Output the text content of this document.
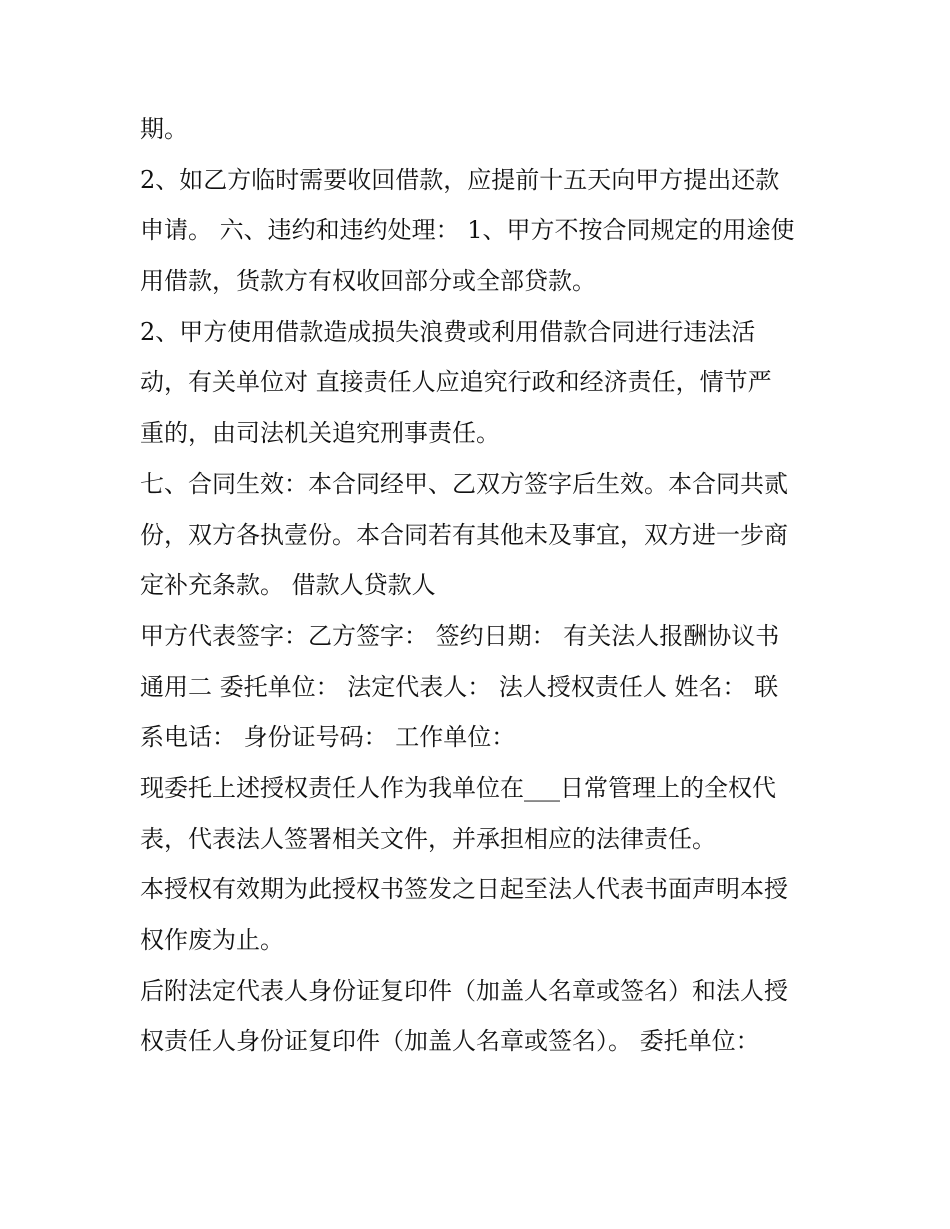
期。
2、如乙方临时需要收回借款，应提前十五天向甲方提出还款
申请。 六、违约和违约处理： 1、甲方不按合同规定的用途使
用借款，货款方有权收回部分或全部贷款。
2、甲方使用借款造成损失浪费或利用借款合同进行违法活
动，有关单位对 直接责任人应追究行政和经济责任，情节严
重的，由司法机关追究刑事责任。
七、合同生效：本合同经甲、乙双方签字后生效。本合同共贰
份，双方各执壹份。本合同若有其他未及事宜，双方进一步商
定补充条款。 借款人贷款人
甲方代表签字：乙方签字： 签约日期： 有关法人报酬协议书
通用二 委托单位： 法定代表人： 法人授权责任人 姓名： 联
系电话： 身份证号码： 工作单位：
现委托上述授权责任人作为我单位在___日常管理上的全权代
表，代表法人签署相关文件，并承担相应的法律责任。
本授权有效期为此授权书签发之日起至法人代表书面声明本授
权作废为止。
后附法定代表人身份证复印件（加盖人名章或签名）和法人授
权责任人身份证复印件（加盖人名章或签名）。 委托单位：
